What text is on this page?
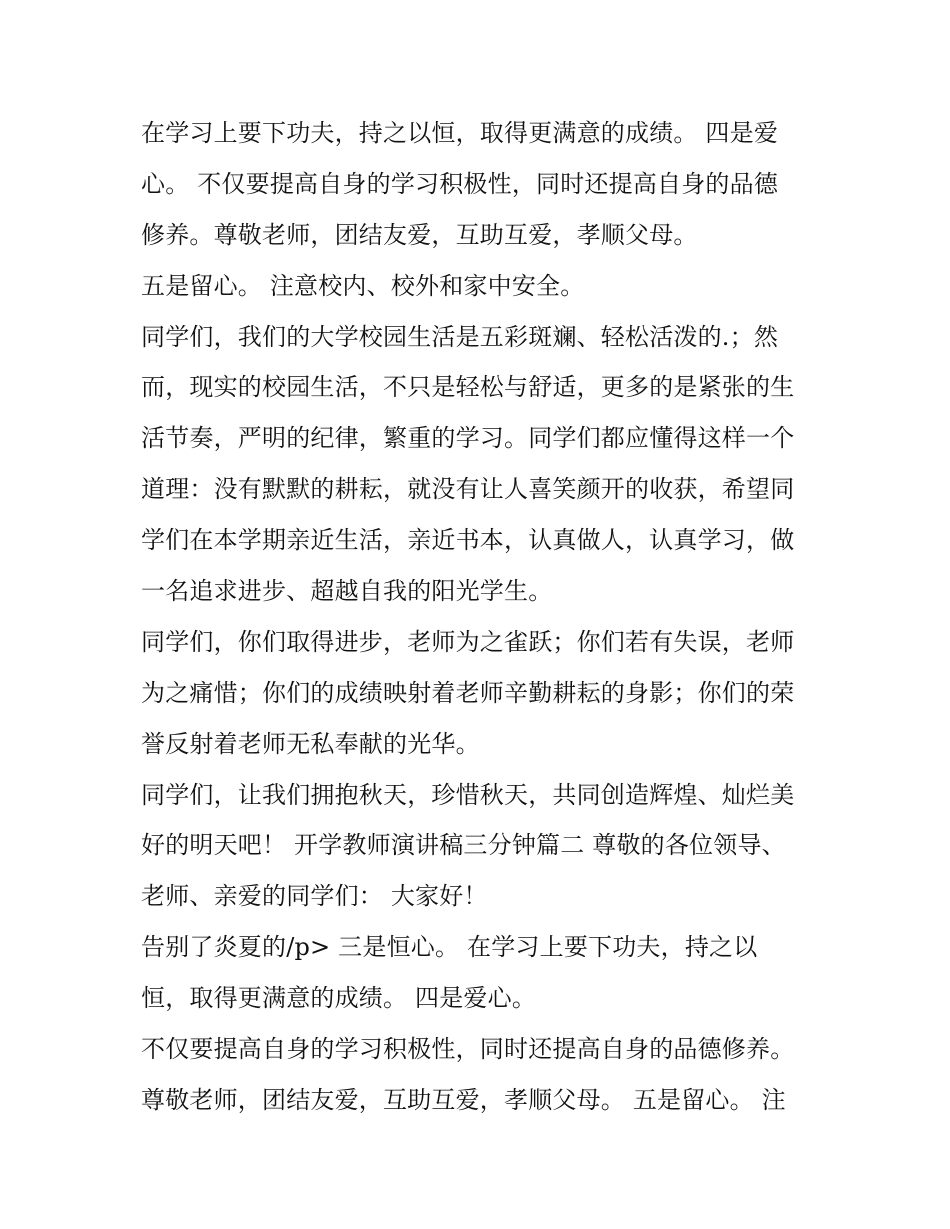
在学习上要下功夫，持之以恒，取得更满意的成绩。 四是爱
心。 不仅要提高自身的学习积极性，同时还提高自身的品德
修养。尊敬老师，团结友爱，互助互爱，孝顺父母。
五是留心。 注意校内、校外和家中安全。
同学们，我们的大学校园生活是五彩斑斓、轻松活泼的.；然
而，现实的校园生活，不只是轻松与舒适，更多的是紧张的生
活节奏，严明的纪律，繁重的学习。同学们都应懂得这样一个
道理：没有默默的耕耘，就没有让人喜笑颜开的收获，希望同
学们在本学期亲近生活，亲近书本，认真做人，认真学习，做
一名追求进步、超越自我的阳光学生。
同学们，你们取得进步，老师为之雀跃；你们若有失误，老师
为之痛惜；你们的成绩映射着老师辛勤耕耘的身影；你们的荣
誉反射着老师无私奉献的光华。
同学们，让我们拥抱秋天，珍惜秋天，共同创造辉煌、灿烂美
好的明天吧！ 开学教师演讲稿三分钟篇二 尊敬的各位领导、
老师、亲爱的同学们： 大家好！
告别了炎夏的/p> 三是恒心。 在学习上要下功夫，持之以
恒，取得更满意的成绩。 四是爱心。
不仅要提高自身的学习积极性，同时还提高自身的品德修养。
尊敬老师，团结友爱，互助互爱，孝顺父母。 五是留心。 注
